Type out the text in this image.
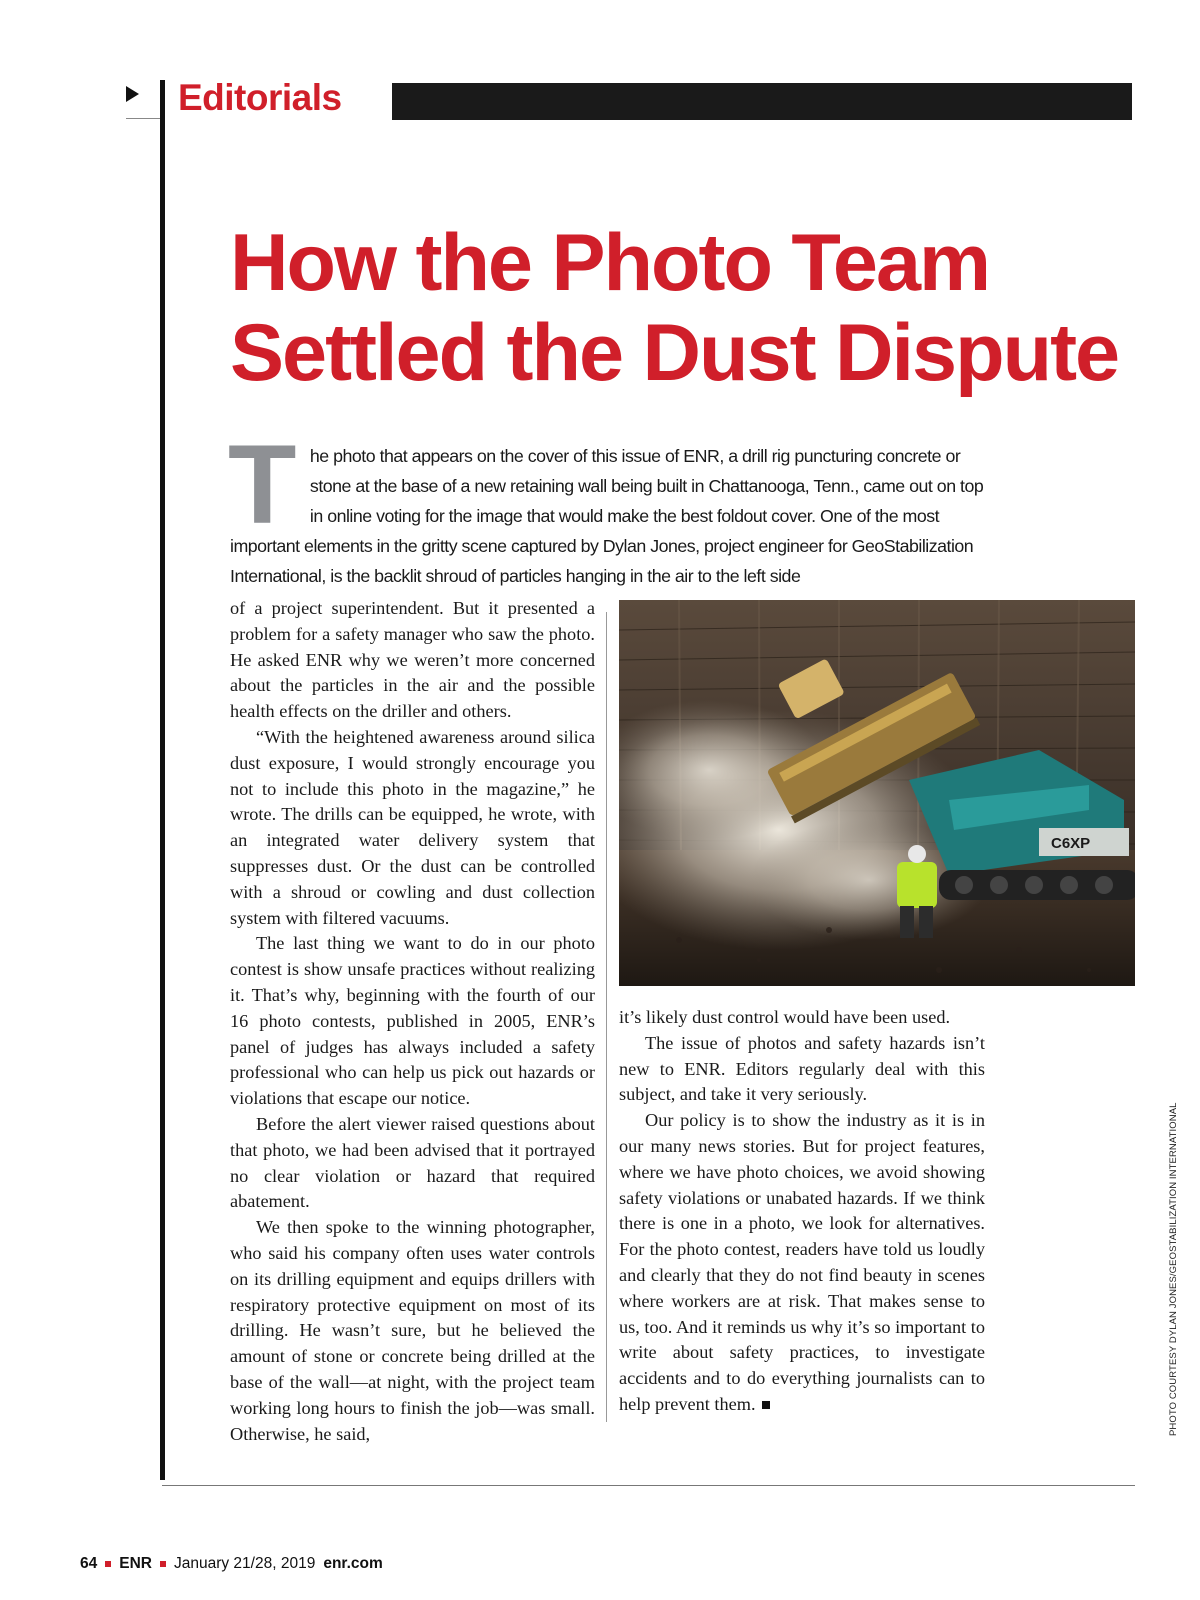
Editorials
How the Photo Team Settled the Dust Dispute

The photo that appears on the cover of this issue of ENR, a drill rig puncturing concrete or stone at the base of a new retaining wall being built in Chattanooga, Tenn., came out on top in online voting for the image that would make the best foldout cover. One of the most important elements in the gritty scene captured by Dylan Jones, project engineer for GeoStabilization International, is the backlit shroud of particles hanging in the air to the left side

of a project superintendent. But it presented a problem for a safety manager who saw the photo. He asked ENR why we weren’t more concerned about the particles in the air and the possible health effects on the driller and others.

“With the heightened awareness around silica dust exposure, I would strongly encourage you not to include this photo in the magazine,” he wrote. The drills can be equipped, he wrote, with an integrated water delivery system that suppresses dust. Or the dust can be controlled with a shroud or cowling and dust collection system with filtered vacuums.

The last thing we want to do in our photo contest is show unsafe practices without realizing it. That’s why, beginning with the fourth of our 16 photo contests, published in 2005, ENR’s panel of judges has always included a safety professional who can help us pick out hazards or violations that escape our notice.

Before the alert viewer raised questions about that photo, we had been advised that it portrayed no clear violation or hazard that required abatement.

We then spoke to the winning photographer, who said his company often uses water controls on its drilling equipment and equips drillers with respiratory protective equipment on most of its drilling. He wasn’t sure, but he believed the amount of stone or concrete being drilled at the base of the wall—at night, with the project team working long hours to finish the job—was small. Otherwise, he said,

C6XP
PHOTO COURTESY DYLAN JONES/GEOSTABILIZATION INTERNATIONAL

it’s likely dust control would have been used.

The issue of photos and safety hazards isn’t new to ENR. Editors regularly deal with this subject, and take it very seriously.

Our policy is to show the industry as it is in our many news stories. But for project features, where we have photo choices, we avoid showing safety violations or unabated hazards. If we think there is one in a photo, we look for alternatives. For the photo contest, readers have told us loudly and clearly that they do not find beauty in scenes where workers are at risk. That makes sense to us, too. And it reminds us why it’s so important to write about safety practices, to investigate accidents and to do everything journalists can to help prevent them.

64 ENR January 21/28, 2019 enr.com
